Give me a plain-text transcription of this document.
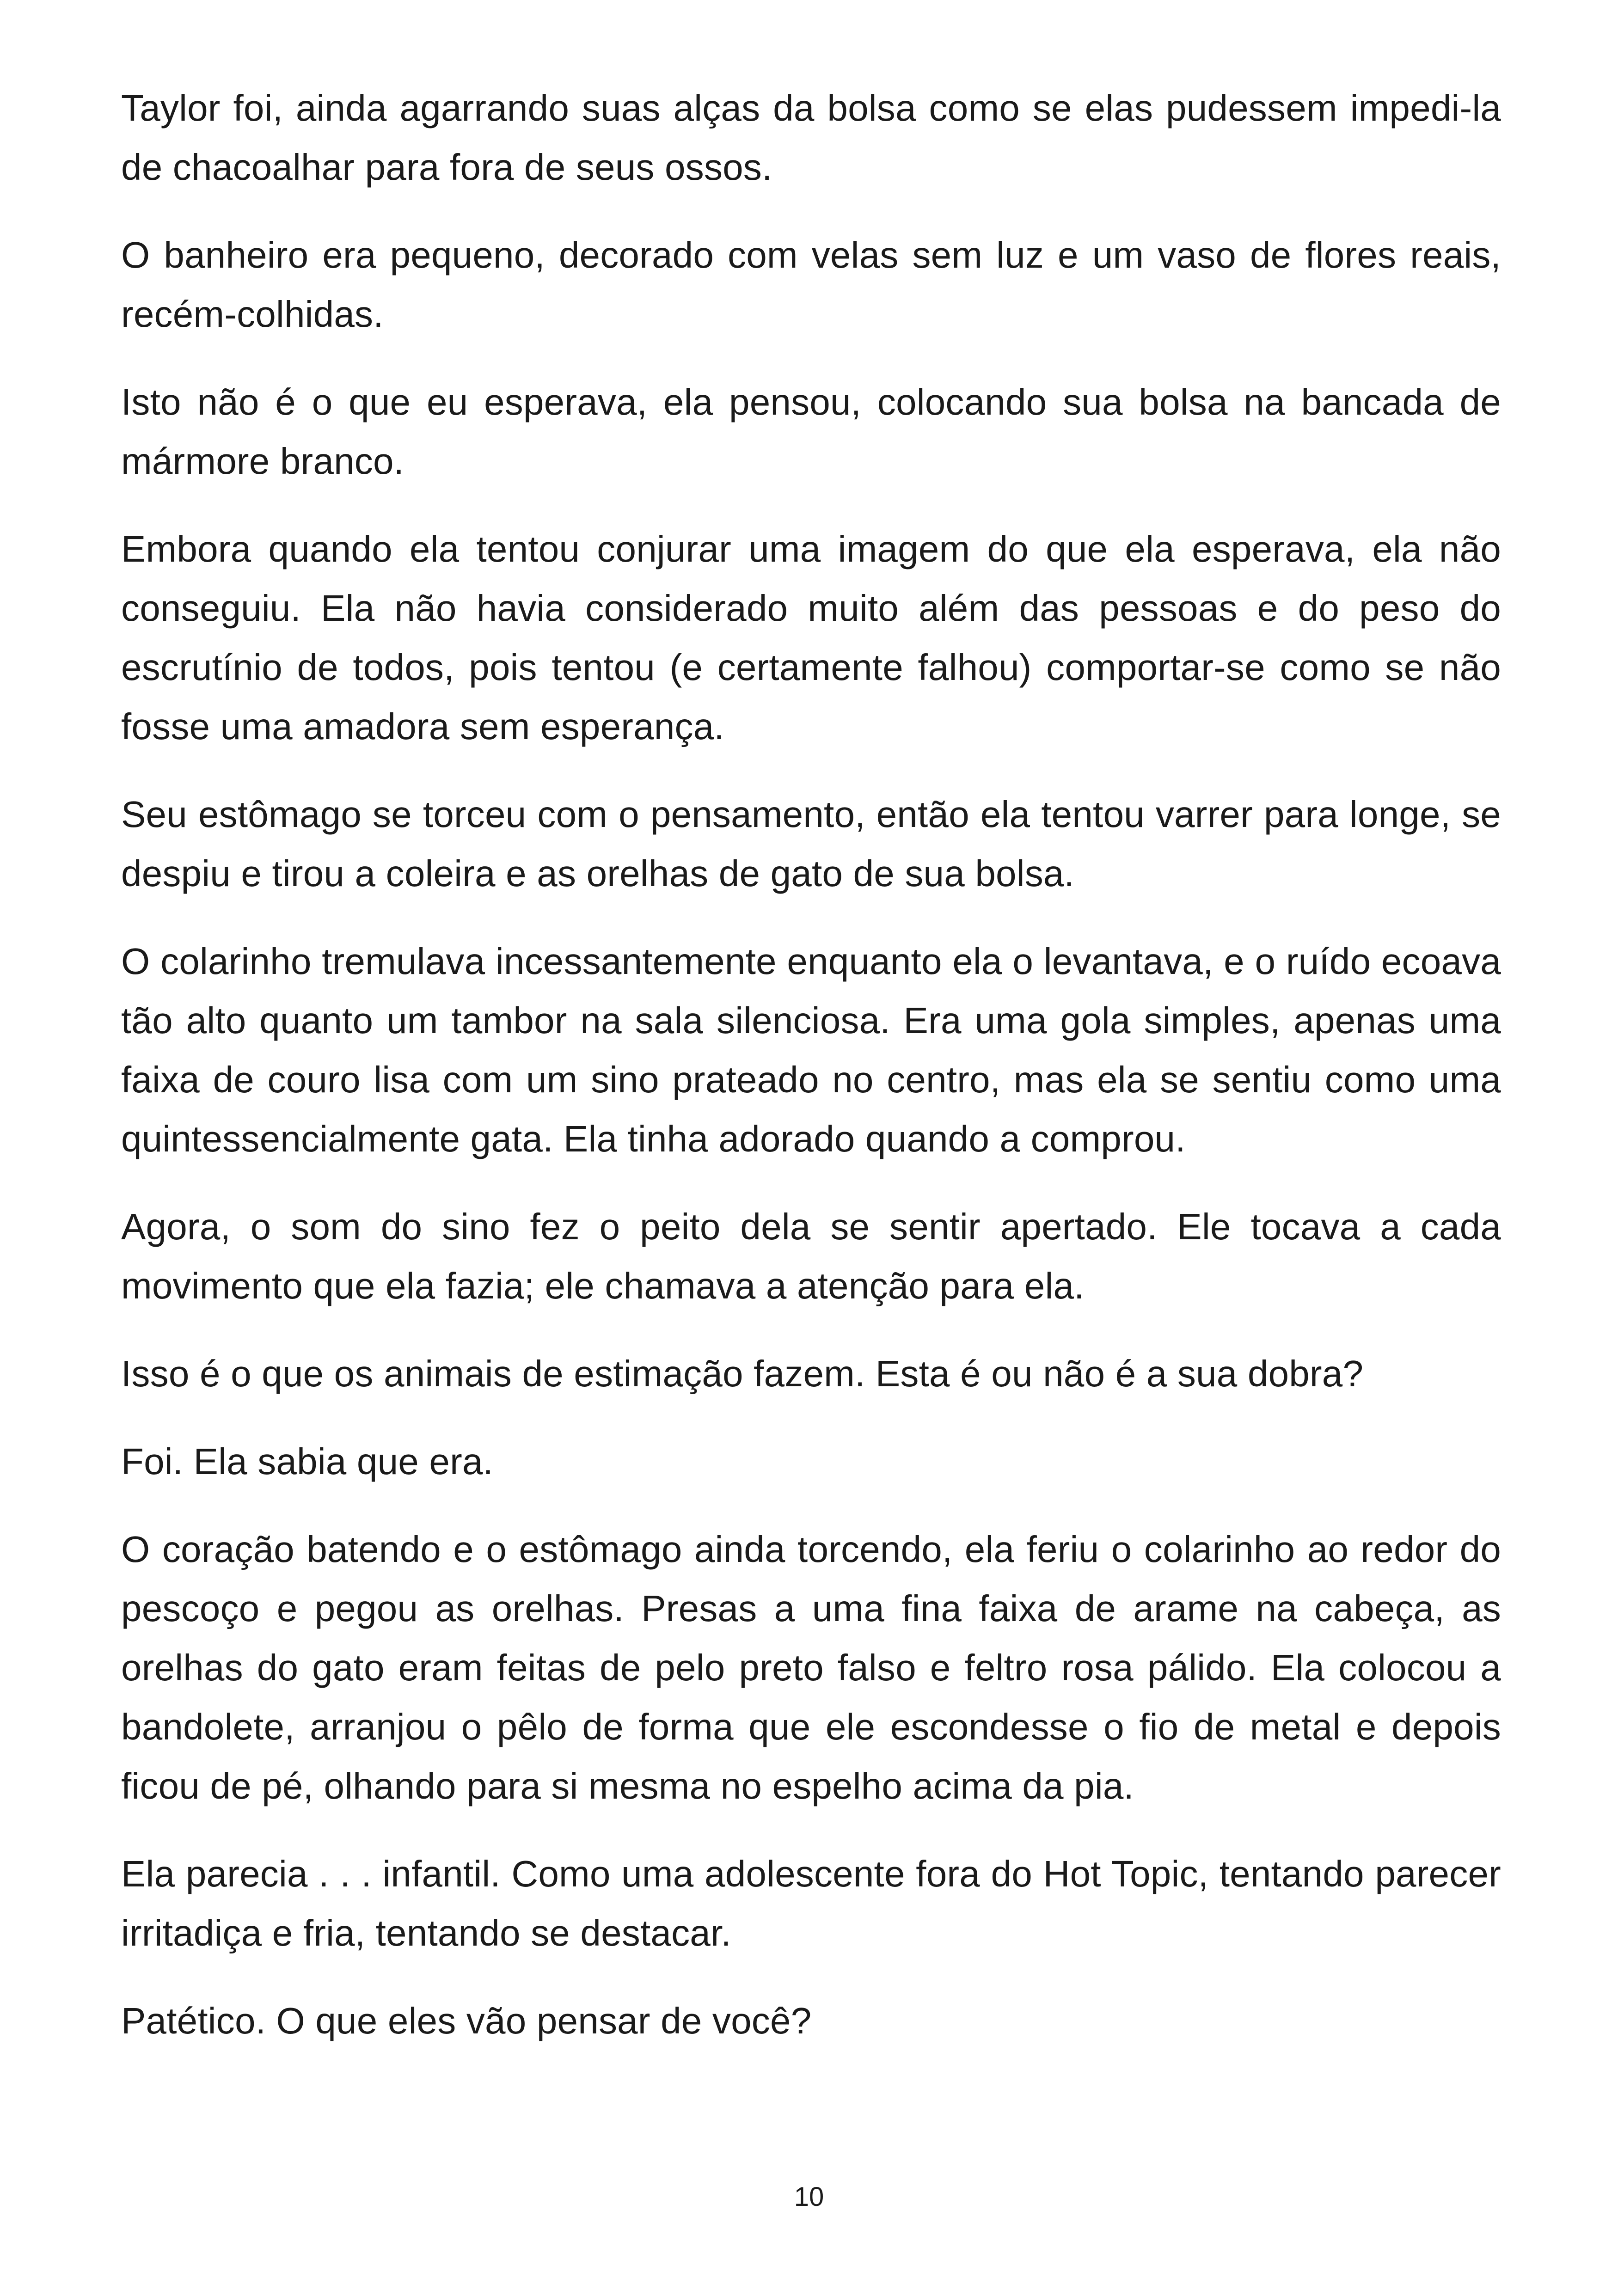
Taylor foi, ainda agarrando suas alças da bolsa como se elas pudessem impedi-la de chacoalhar para fora de seus ossos.

O banheiro era pequeno, decorado com velas sem luz e um vaso de flores reais, recém-colhidas.

Isto não é o que eu esperava, ela pensou, colocando sua bolsa na bancada de mármore branco.

Embora quando ela tentou conjurar uma imagem do que ela esperava, ela não conseguiu. Ela não havia considerado muito além das pessoas e do peso do escrutínio de todos, pois tentou (e certamente falhou) comportar-se como se não fosse uma amadora sem esperança.

Seu estômago se torceu com o pensamento, então ela tentou varrer para longe, se despiu e tirou a coleira e as orelhas de gato de sua bolsa.

O colarinho tremulava incessantemente enquanto ela o levantava, e o ruído ecoava tão alto quanto um tambor na sala silenciosa. Era uma gola simples, apenas uma faixa de couro lisa com um sino prateado no centro, mas ela se sentiu como uma quintessencialmente gata. Ela tinha adorado quando a comprou.

Agora, o som do sino fez o peito dela se sentir apertado. Ele tocava a cada movimento que ela fazia; ele chamava a atenção para ela.

Isso é o que os animais de estimação fazem. Esta é ou não é a sua dobra?

Foi. Ela sabia que era.

O coração batendo e o estômago ainda torcendo, ela feriu o colarinho ao redor do pescoço e pegou as orelhas. Presas a uma fina faixa de arame na cabeça, as orelhas do gato eram feitas de pelo preto falso e feltro rosa pálido. Ela colocou a bandolete, arranjou o pêlo de forma que ele escondesse o fio de metal e depois ficou de pé, olhando para si mesma no espelho acima da pia.

Ela parecia . . . infantil. Como uma adolescente fora do Hot Topic, tentando parecer irritadiça e fria, tentando se destacar.

Patético. O que eles vão pensar de você?

10
